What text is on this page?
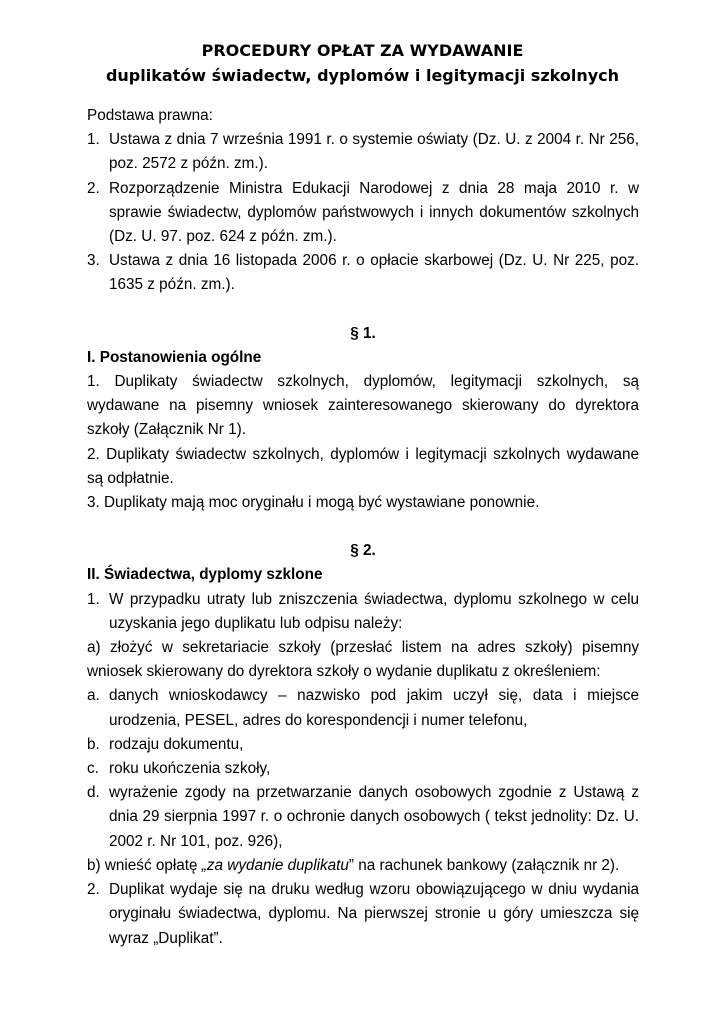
PROCEDURY OPŁAT ZA WYDAWANIE
duplikatów świadectw, dyplomów i legitymacji szkolnych

Podstawa prawna:

1. Ustawa z dnia 7 września 1991 r. o systemie oświaty (Dz. U. z 2004 r. Nr 256, poz. 2572 z późn. zm.).
2. Rozporządzenie Ministra Edukacji Narodowej z dnia 28 maja 2010 r. w sprawie świadectw, dyplomów państwowych i innych dokumentów szkolnych (Dz. U. 97. poz. 624 z późn. zm.).
3. Ustawa z dnia 16 listopada 2006 r. o opłacie skarbowej (Dz. U. Nr 225, poz. 1635 z późn. zm.).

§ 1.

I. Postanowienia ogólne

1. Duplikaty świadectw szkolnych, dyplomów, legitymacji szkolnych, są wydawane na pisemny wniosek zainteresowanego skierowany do dyrektora szkoły (Załącznik Nr 1).

2. Duplikaty świadectw szkolnych, dyplomów i legitymacji szkolnych wydawane są odpłatnie.

3. Duplikaty mają moc oryginału i mogą być wystawiane ponownie.

§ 2.

II. Świadectwa, dyplomy szklone

1. W przypadku utraty lub zniszczenia świadectwa, dyplomu szkolnego w celu uzyskania jego duplikatu lub odpisu należy:

a) złożyć w sekretariacie szkoły (przesłać listem na adres szkoły) pisemny wniosek skierowany do dyrektora szkoły o wydanie duplikatu z określeniem:

a. danych wnioskodawcy – nazwisko pod jakim uczył się, data i miejsce urodzenia, PESEL, adres do korespondencji i numer telefonu,
b. rodzaju dokumentu,
c. roku ukończenia szkoły,
d. wyrażenie zgody na przetwarzanie danych osobowych zgodnie z Ustawą z dnia 29 sierpnia 1997 r. o ochronie danych osobowych ( tekst jednolity: Dz. U. 2002 r. Nr 101, poz. 926),

b) wnieść opłatę „za wydanie duplikatu” na rachunek bankowy (załącznik nr 2).

2. Duplikat wydaje się na druku według wzoru obowiązującego w dniu wydania oryginału świadectwa, dyplomu. Na pierwszej stronie u góry umieszcza się wyraz „Duplikat”.
